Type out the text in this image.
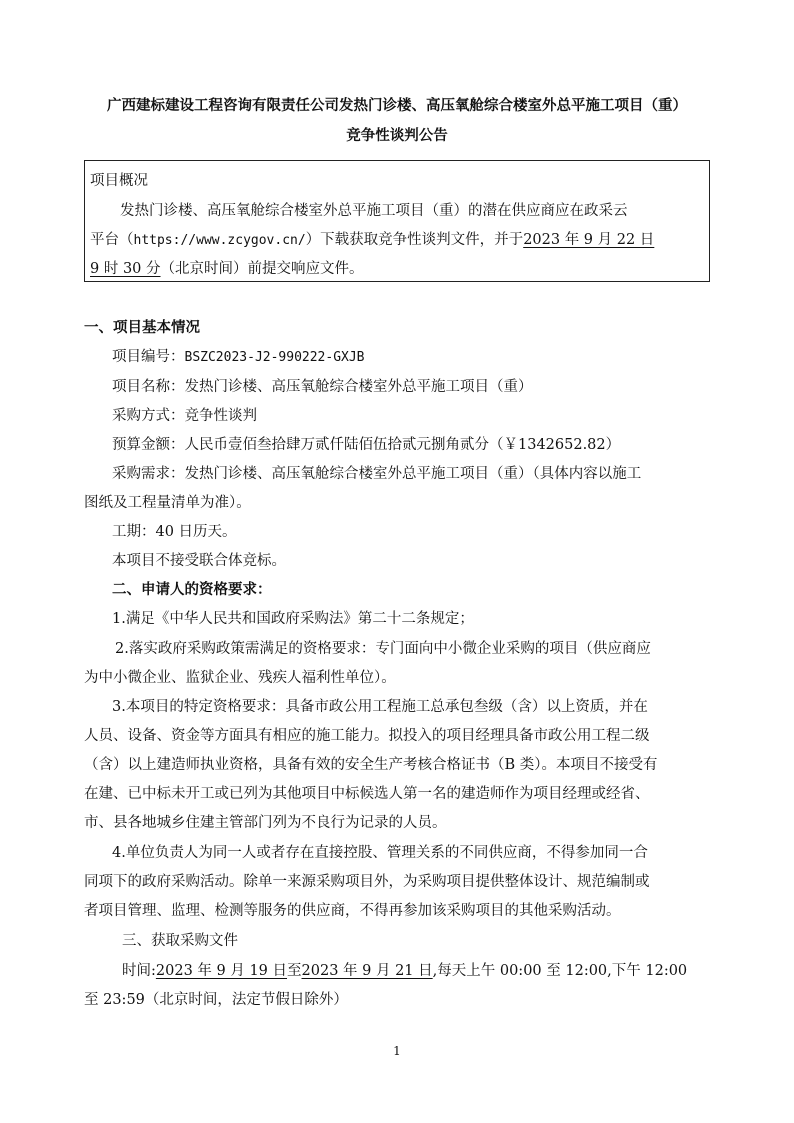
广西建标建设工程咨询有限责任公司发热门诊楼、高压氧舱综合楼室外总平施工项目（重）
竞争性谈判公告
项目概况
发热门诊楼、高压氧舱综合楼室外总平施工项目（重）的潜在供应商应在政采云
平台（https://www.zcygov.cn/）下载获取竞争性谈判文件，并于2023 年 9 月 22 日
9 时 30 分（北京时间）前提交响应文件。
一、项目基本情况
项目编号：BSZC2023-J2-990222-GXJB
项目名称：发热门诊楼、高压氧舱综合楼室外总平施工项目（重）
采购方式：竞争性谈判
预算金额：人民币壹佰叁拾肆万贰仟陆佰伍拾贰元捌角贰分（￥1342652.82）
采购需求：发热门诊楼、高压氧舱综合楼室外总平施工项目（重）（具体内容以施工
图纸及工程量清单为准）。
工期：40 日历天。
本项目不接受联合体竞标。
二、申请人的资格要求：
1.满足《中华人民共和国政府采购法》第二十二条规定；
2.落实政府采购政策需满足的资格要求：专门面向中小微企业采购的项目（供应商应
为中小微企业、监狱企业、残疾人福利性单位）。
3.本项目的特定资格要求：具备市政公用工程施工总承包叁级（含）以上资质，并在
人员、设备、资金等方面具有相应的施工能力。拟投入的项目经理具备市政公用工程二级
（含）以上建造师执业资格，具备有效的安全生产考核合格证书（B 类）。本项目不接受有
在建、已中标未开工或已列为其他项目中标候选人第一名的建造师作为项目经理或经省、
市、县各地城乡住建主管部门列为不良行为记录的人员。
4.单位负责人为同一人或者存在直接控股、管理关系的不同供应商，不得参加同一合
同项下的政府采购活动。除单一来源采购项目外，为采购项目提供整体设计、规范编制或
者项目管理、监理、检测等服务的供应商，不得再参加该采购项目的其他采购活动。
三、获取采购文件
时间:2023 年 9 月 19 日至2023 年 9 月 21 日,每天上午 00:00 至 12:00,下午 12:00
至 23:59（北京时间，法定节假日除外）
1
